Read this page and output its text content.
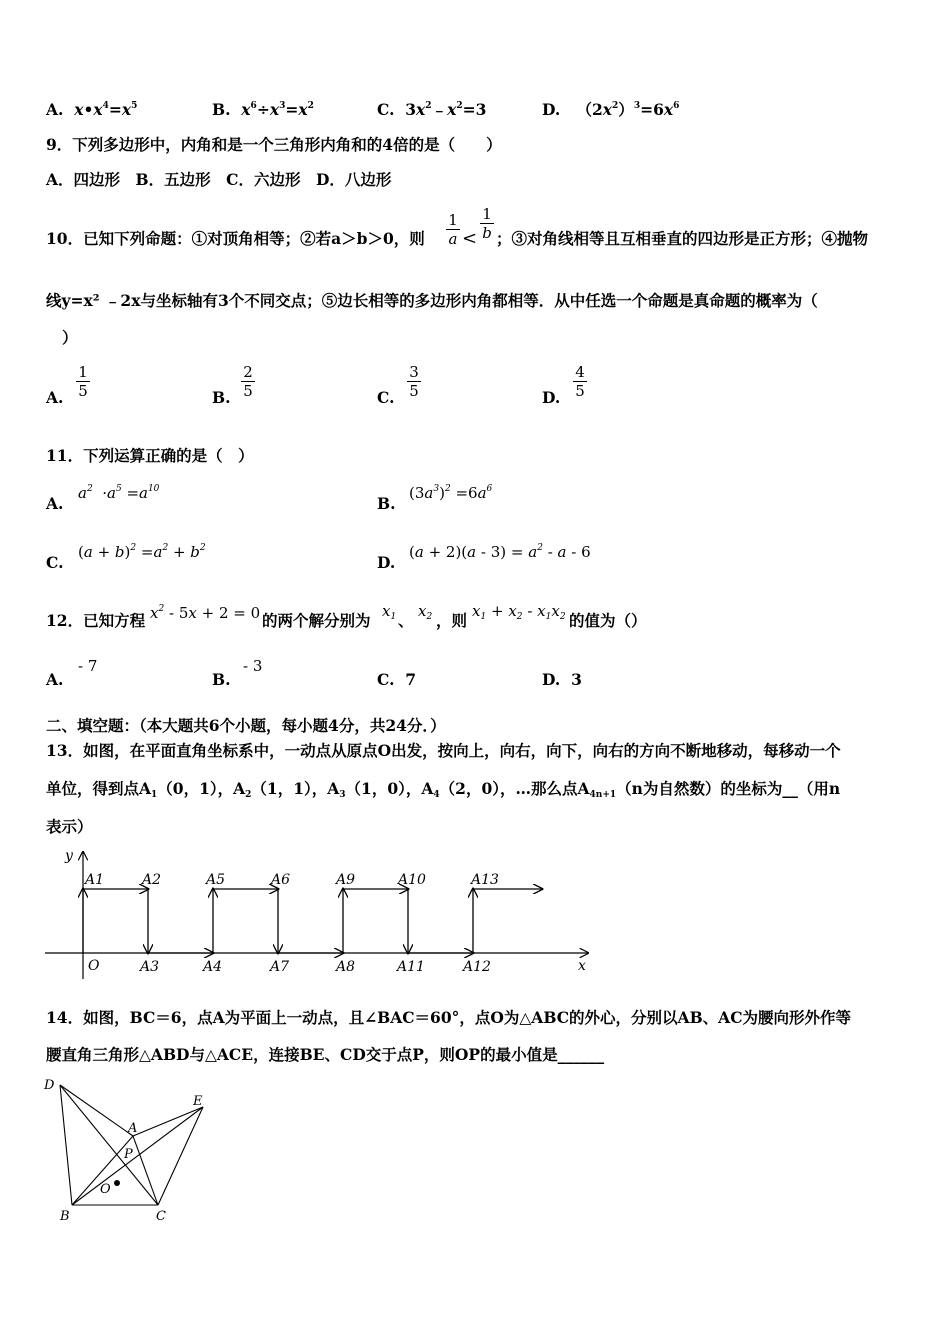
A. $x•x^4=x^5$	B. $x^6\div x^3=x^2$	C.  $3x^2﹣x^2=3$	D.   $(2x^2)^3=6x^6$
9．下列多边形中，内角和是一个三角形内角和的4倍的是（　　）
A．四边形　B．五边形　C．六边形　D．八边形
10．已知下列命题：①对顶角相等；②若a＞b＞0，则
1
a <
1
b ；③对角线相等且互相垂直的四边形是正方形；④抛物
线y=x² ﹣2x与坐标轴有3个不同交点；⑤边长相等的多边形内角都相等．从中任选一个命题是真命题的概率为（
）
A.
1
5	B.
2
5	C.
3
5	D.
4
5
11．下列运算正确的是（　）
A.
$a^2 \cdot a^5 =a^{10}$
B.
$(3a^3)^2 =6a^6$
C.
$(a + b)^2 =a^2 + b^2$
D.
$(a + 2)(a - 3) = a^2 - a - 6$
12．已知方程 $x^2 - 5x + 2 = 0$ 的两个解分别为 $x_1$ 、 $x_2$ ，则 $x_1 + x_2 - x_1x_2$ 的值为（）
A.
- 7
B.
- 3
C. 7	D. 3
二、填空题：（本大题共6个小题，每小题4分，共24分．）
13．如图，在平面直角坐标系中，一动点从原点O出发，按向上，向右，向下，向右的方向不断地移动，每移动一个
单位，得到点$A_1(0$，1），$A_2(1$，1），$A_3(1$，0），$A_4(2$，0），…那么点$A_{4n+1}(n$为自然数）的坐标为__（用n
表示）
y
x
O
A1	A2	A5	A6	A9	A10	A13
A3	A4	A7	A8	A11	A12
14．如图，BC＝6，点A为平面上一动点，且∠BAC＝60°，点O为△ABC的外心，分别以AB、AC为腰向形外作等
腰直角三角形△ABD与△ACE，连接BE、CD交于点P，则OP的最小值是______
D
E
A
P
O
B	C
